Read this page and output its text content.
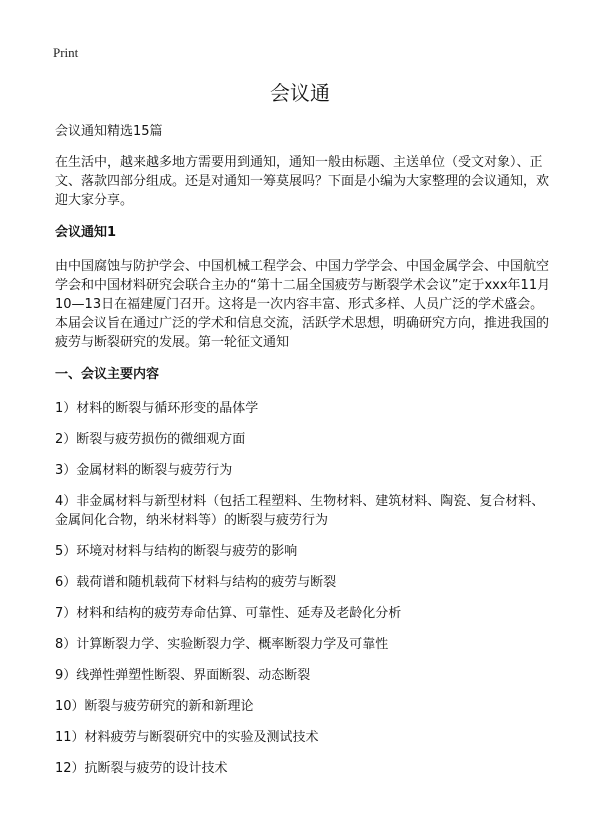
Print
会议通

会议通知精选15篇

在生活中，越来越多地方需要用到通知，通知一般由标题、主送单位（受文对象）、正文、落款四部分组成。还是对通知一筹莫展吗？下面是小编为大家整理的会议通知，欢迎大家分享。

会议通知1

由中国腐蚀与防护学会、中国机械工程学会、中国力学学会、中国金属学会、中国航空学会和中国材料研究会联合主办的“第十二届全国疲劳与断裂学术会议”定于xxx年11月10—13日在福建厦门召开。这将是一次内容丰富、形式多样、人员广泛的学术盛会。本届会议旨在通过广泛的学术和信息交流，活跃学术思想，明确研究方向，推进我国的疲劳与断裂研究的发展。第一轮征文通知

一、会议主要内容

1）材料的断裂与循环形变的晶体学
2）断裂与疲劳损伤的微细观方面
3）金属材料的断裂与疲劳行为
4）非金属材料与新型材料（包括工程塑料、生物材料、建筑材料、陶瓷、复合材料、金属间化合物，纳米材料等）的断裂与疲劳行为
5）环境对材料与结构的断裂与疲劳的影响
6）载荷谱和随机载荷下材料与结构的疲劳与断裂
7）材料和结构的疲劳寿命估算、可靠性、延寿及老龄化分析
8）计算断裂力学、实验断裂力学、概率断裂力学及可靠性
9）线弹性弹塑性断裂、界面断裂、动态断裂
10）断裂与疲劳研究的新和新理论
11）材料疲劳与断裂研究中的实验及测试技术
12）抗断裂与疲劳的设计技术
